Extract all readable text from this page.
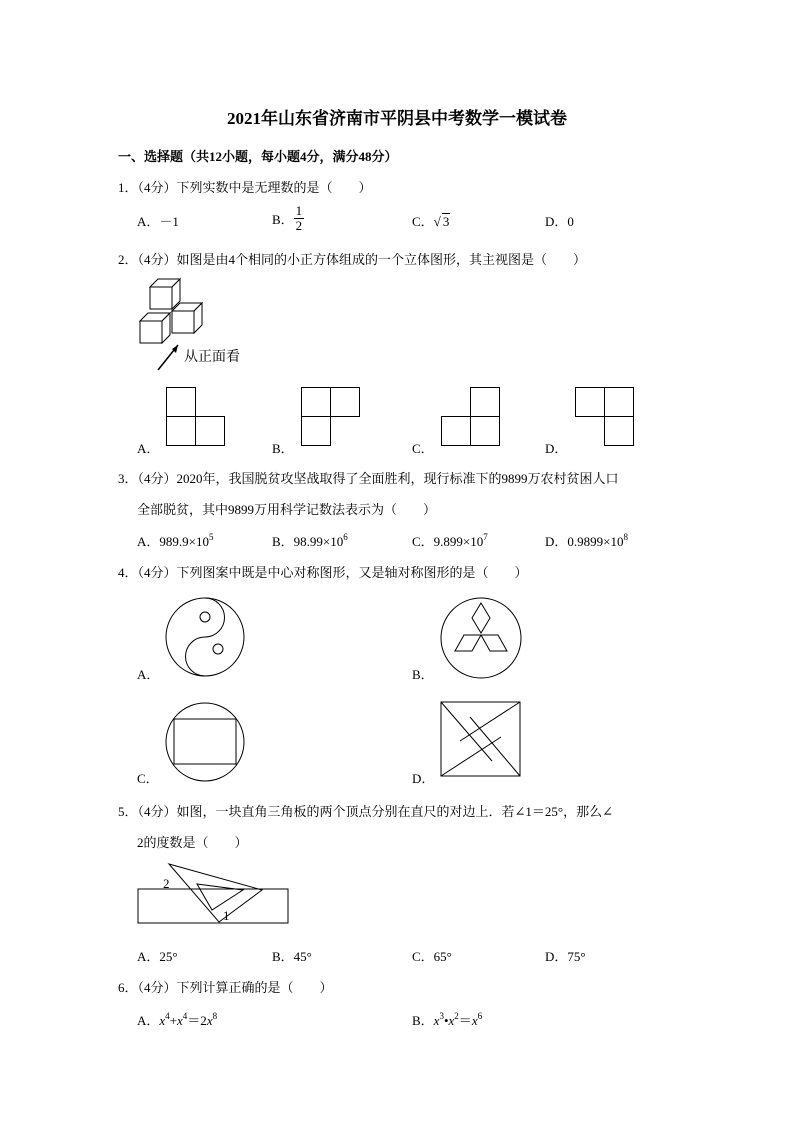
2021年山东省济南市平阴县中考数学一模试卷
一、选择题（共12小题，每小题4分，满分48分）
1．（4分）下列实数中是无理数的是（　　）
A．－1	B． $\frac{1}{2}$	C．√ 3	D．0
2．（4分）如图是由4个相同的小正方体组成的一个立体图形，其主视图是（　　）
从正面看
A．	B．	C．	D．
3．（4分）2020年，我国脱贫攻坚战取得了全面胜利，现行标准下的9899万农村贫困人口
全部脱贫，其中9899万用科学记数法表示为（　　）
A．$989.9\times 10^5$	B．$98.99\times 10^6$	C．$9.899\times 10^7$	D．$0.9899\times 10^8$
4．（4分）下列图案中既是中心对称图形，又是轴对称图形的是（　　）
A．	B．
C．	D．
5．（4分）如图，一块直角三角板的两个顶点分别在直尺的对边上．若∠1＝25°，那么∠
2的度数是（　　）
2
1
A．25°	B．45°	C．65°	D．75°
6．（4分）下列计算正确的是（　　）
A．$x^4+x^4=2x^8$	B．$x^3•x^2=x^6$
